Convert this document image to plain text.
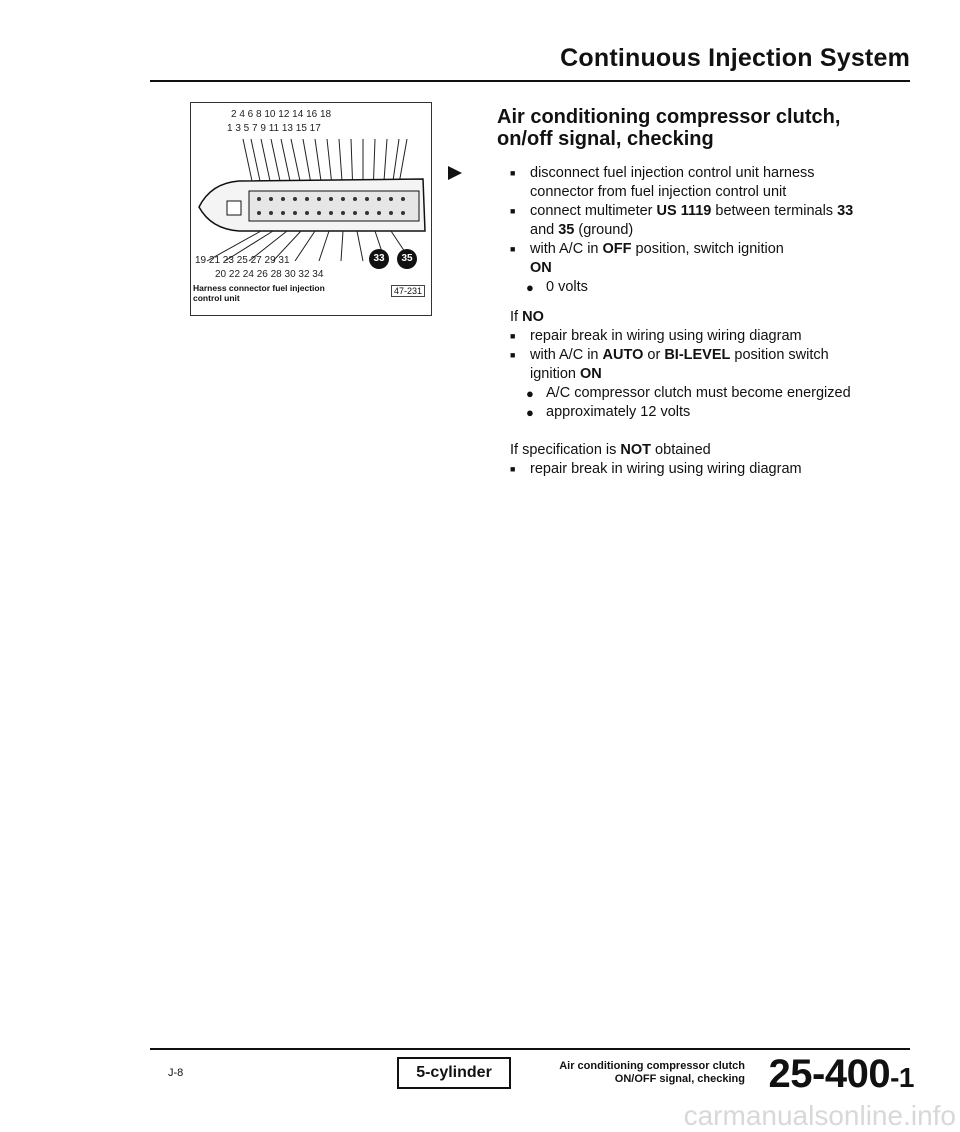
Continuous Injection System
2 4 6 8 10 12 14 16 18
1 3 5 7 9 11 13 15 17
19 21 23 25 27 29 31
20 22 24 26 28 30 32 34
33	35
Harness connector fuel injection
control unit
47-231
Air conditioning compressor clutch, on/off signal, checking
■ disconnect fuel injection control unit harness connector from fuel injection control unit
■ connect multimeter US 1119 between terminals 33 and 35 (ground)
■ with A/C in OFF position, switch ignition
ON
● 0 volts
If NO
■ repair break in wiring using wiring diagram
■ with A/C in AUTO or BI-LEVEL position switch ignition ON
● A/C compressor clutch must become energized
● approximately 12 volts
If specification is NOT obtained
■ repair break in wiring using wiring diagram
J-8	5-cylinder	Air conditioning compressor clutch
ON/OFF signal, checking 25-400-1
carmanualsonline.info
